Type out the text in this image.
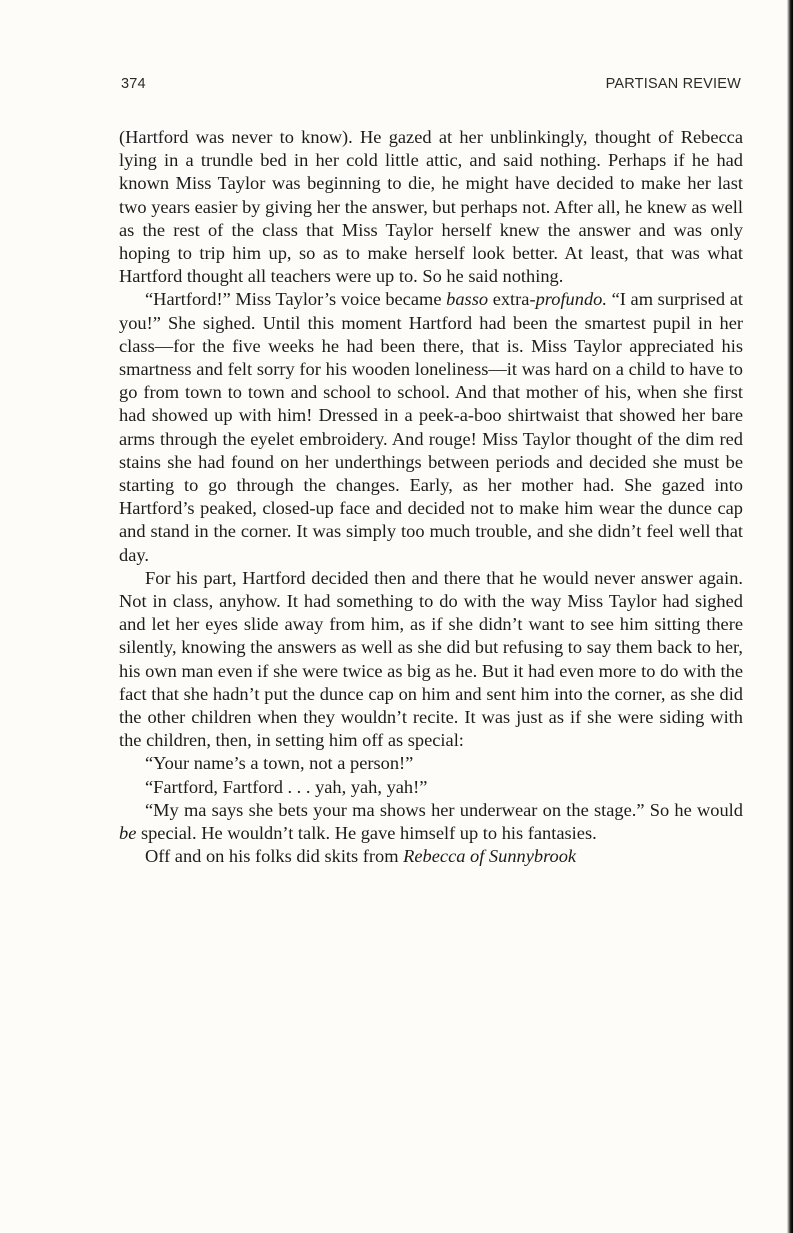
374	PARTISAN REVIEW

(Hartford was never to know). He gazed at her unblinkingly, thought of Rebecca lying in a trundle bed in her cold little attic, and said nothing. Perhaps if he had known Miss Taylor was beginning to die, he might have decided to make her last two years easier by giving her the answer, but perhaps not. After all, he knew as well as the rest of the class that Miss Taylor herself knew the answer and was only hoping to trip him up, so as to make herself look better. At least, that was what Hartford thought all teachers were up to. So he said nothing.

“Hartford!” Miss Taylor’s voice became basso extra-profundo. “I am surprised at you!” She sighed. Until this moment Hartford had been the smartest pupil in her class—for the five weeks he had been there, that is. Miss Taylor appreciated his smartness and felt sorry for his wooden loneliness—it was hard on a child to have to go from town to town and school to school. And that mother of his, when she first had showed up with him! Dressed in a peek-a-boo shirtwaist that showed her bare arms through the eyelet embroidery. And rouge! Miss Taylor thought of the dim red stains she had found on her underthings between periods and decided she must be starting to go through the changes. Early, as her mother had. She gazed into Hartford’s peaked, closed-up face and decided not to make him wear the dunce cap and stand in the corner. It was simply too much trouble, and she didn’t feel well that day.

For his part, Hartford decided then and there that he would never answer again. Not in class, anyhow. It had something to do with the way Miss Taylor had sighed and let her eyes slide away from him, as if she didn’t want to see him sitting there silently, knowing the answers as well as she did but refusing to say them back to her, his own man even if she were twice as big as he. But it had even more to do with the fact that she hadn’t put the dunce cap on him and sent him into the corner, as she did the other children when they wouldn’t recite. It was just as if she were siding with the children, then, in setting him off as special:

“Your name’s a town, not a person!”

“Fartford, Fartford . . . yah, yah, yah!”

“My ma says she bets your ma shows her underwear on the stage.” So he would be special. He wouldn’t talk. He gave himself up to his fantasies.

Off and on his folks did skits from Rebecca of Sunnybrook
